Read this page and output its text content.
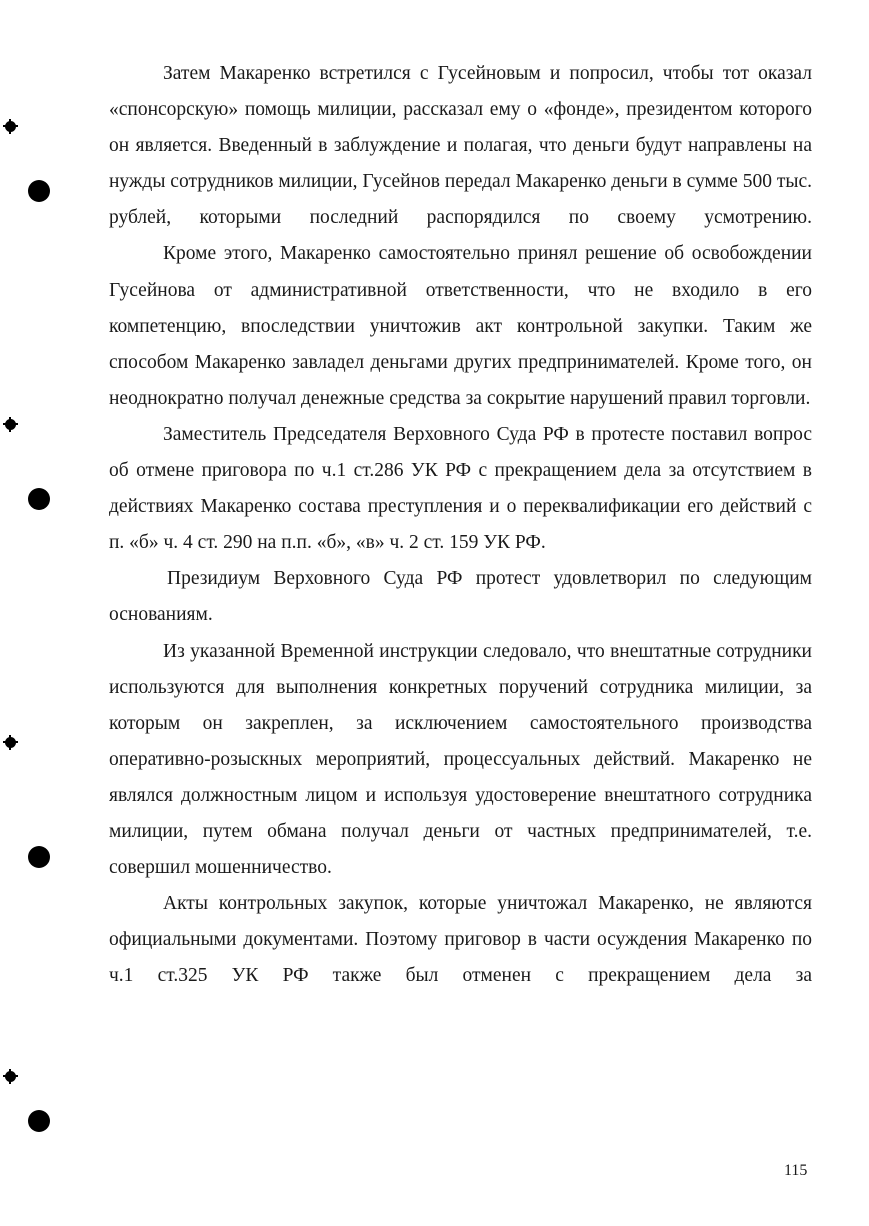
Затем Макаренко встретился с Гусейновым и попросил, чтобы тот оказал «спонсорскую» помощь милиции, рассказал ему о «фонде», президентом которого он является. Введенный в заблуждение и полагая, что деньги будут направлены на нужды сотрудников милиции, Гусейнов передал Макаренко деньги в сумме 500 тыс. рублей, которыми последний распорядился по своему усмотрению.

Кроме этого, Макаренко самостоятельно принял решение об освобождении Гусейнова от административной ответственности, что не входило в его компетенцию, впоследствии уничтожив акт контрольной закупки. Таким же способом Макаренко завладел деньгами других предпринимателей. Кроме того, он неоднократно получал денежные средства за сокрытие нарушений правил торговли.

Заместитель Председателя Верховного Суда РФ в протесте поставил вопрос об отмене приговора по ч.1 ст.286 УК РФ с прекращением дела за отсутствием в действиях Макаренко состава преступления и о переквалификации его действий с п. «б» ч. 4 ст. 290 на п.п. «б», «в» ч. 2 ст. 159 УК РФ.

Президиум Верховного Суда РФ протест удовлетворил по следующим основаниям.

Из указанной Временной инструкции следовало, что внештатные сотрудники используются для выполнения конкретных поручений сотрудника милиции, за которым он закреплен, за исключением самостоятельного производства оперативно-розыскных мероприятий, процессуальных действий. Макаренко не являлся должностным лицом и используя удостоверение внештатного сотрудника милиции, путем обмана получал деньги от частных предпринимателей, т.е. совершил мошенничество.

Акты контрольных закупок, которые уничтожал Макаренко, не являются официальными документами. Поэтому приговор в части осуждения Макаренко по ч.1 ст.325 УК РФ также был отменен с прекращением дела за

115
